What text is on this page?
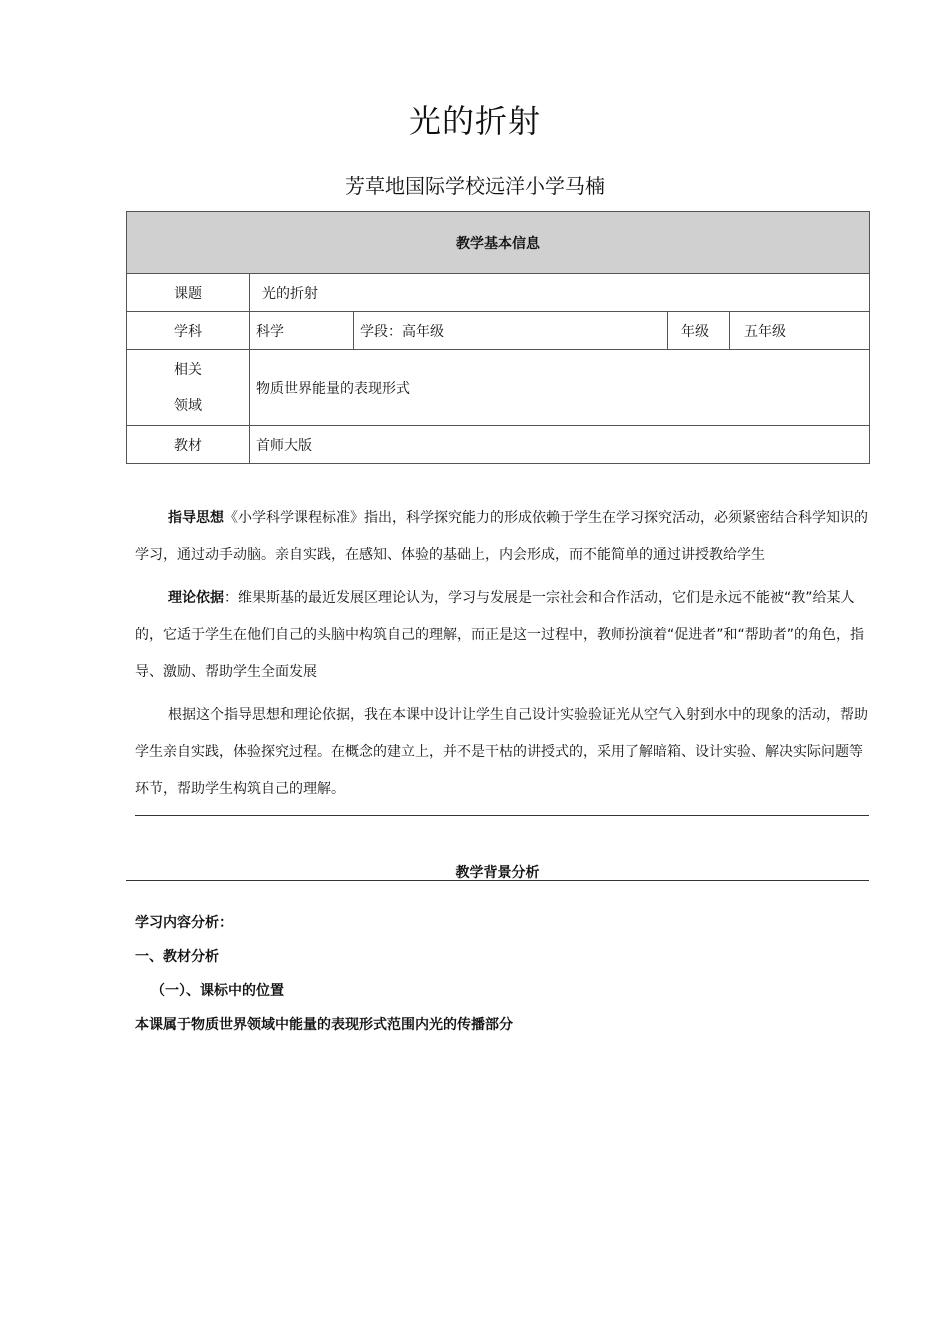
光的折射
芳草地国际学校远洋小学马楠
教学基本信息				
课题	光的折射			
学科	科学	学段：高年级	年级	五年级

相关
领域	物质世界能量的表现形式			
教材	首师大版			

指导思想《小学科学课程标准》指出，科学探究能力的形成依赖于学生在学习探究活动，必须紧密结合科学知识的学习，通过动手动脑。亲自实践，在感知、体验的基础上，内会形成，而不能简单的通过讲授教给学生

理论依据：维果斯基的最近发展区理论认为，学习与发展是一宗社会和合作活动，它们是永远不能被“教”给某人的，它适于学生在他们自己的头脑中构筑自己的理解，而正是这一过程中，教师扮演着“促进者”和“帮助者”的角色，指导、激励、帮助学生全面发展

根据这个指导思想和理论依据，我在本课中设计让学生自己设计实验验证光从空气入射到水中的现象的活动，帮助学生亲自实践，体验探究过程。在概念的建立上，并不是干枯的讲授式的，采用了解暗箱、设计实验、解决实际问题等环节，帮助学生构筑自己的理解。

教学背景分析
学习内容分析：
一、教材分析
（一）、课标中的位置
本课属于物质世界领域中能量的表现形式范围内光的传播部分
